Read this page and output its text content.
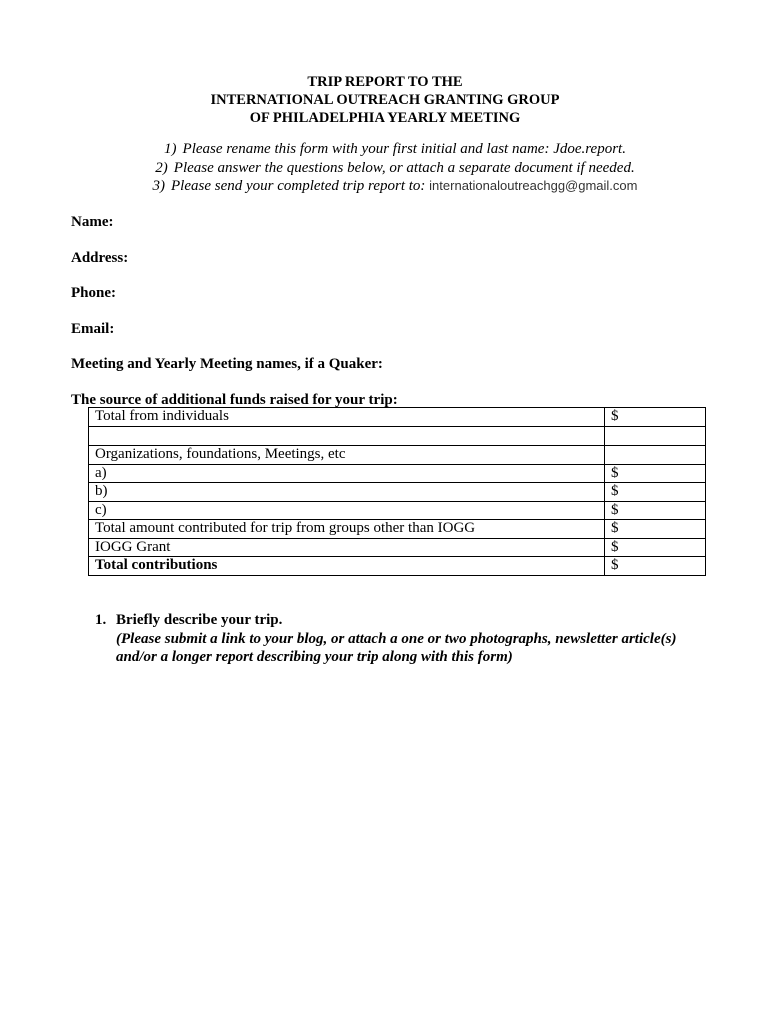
TRIP REPORT TO THE
INTERNATIONAL OUTREACH GRANTING GROUP
OF PHILADELPHIA YEARLY MEETING
1) Please rename this form with your first initial and last name: Jdoe.report.
2) Please answer the questions below, or attach a separate document if needed.
3) Please send your completed trip report to: internationaloutreachgg@gmail.com
Name:
Address:
Phone:
Email:
Meeting and Yearly Meeting names, if a Quaker:
The source of additional funds raised for your trip:
Total from individuals	$

Organizations, foundations, Meetings, etc	
a)	$
b)	$
c)	$
Total amount contributed for trip from groups other than IOGG	$
IOGG Grant	$
Total contributions	$
1. Briefly describe your trip.
(Please submit a link to your blog, or attach a one or two photographs, newsletter article(s)
and/or a longer report describing your trip along with this form)
